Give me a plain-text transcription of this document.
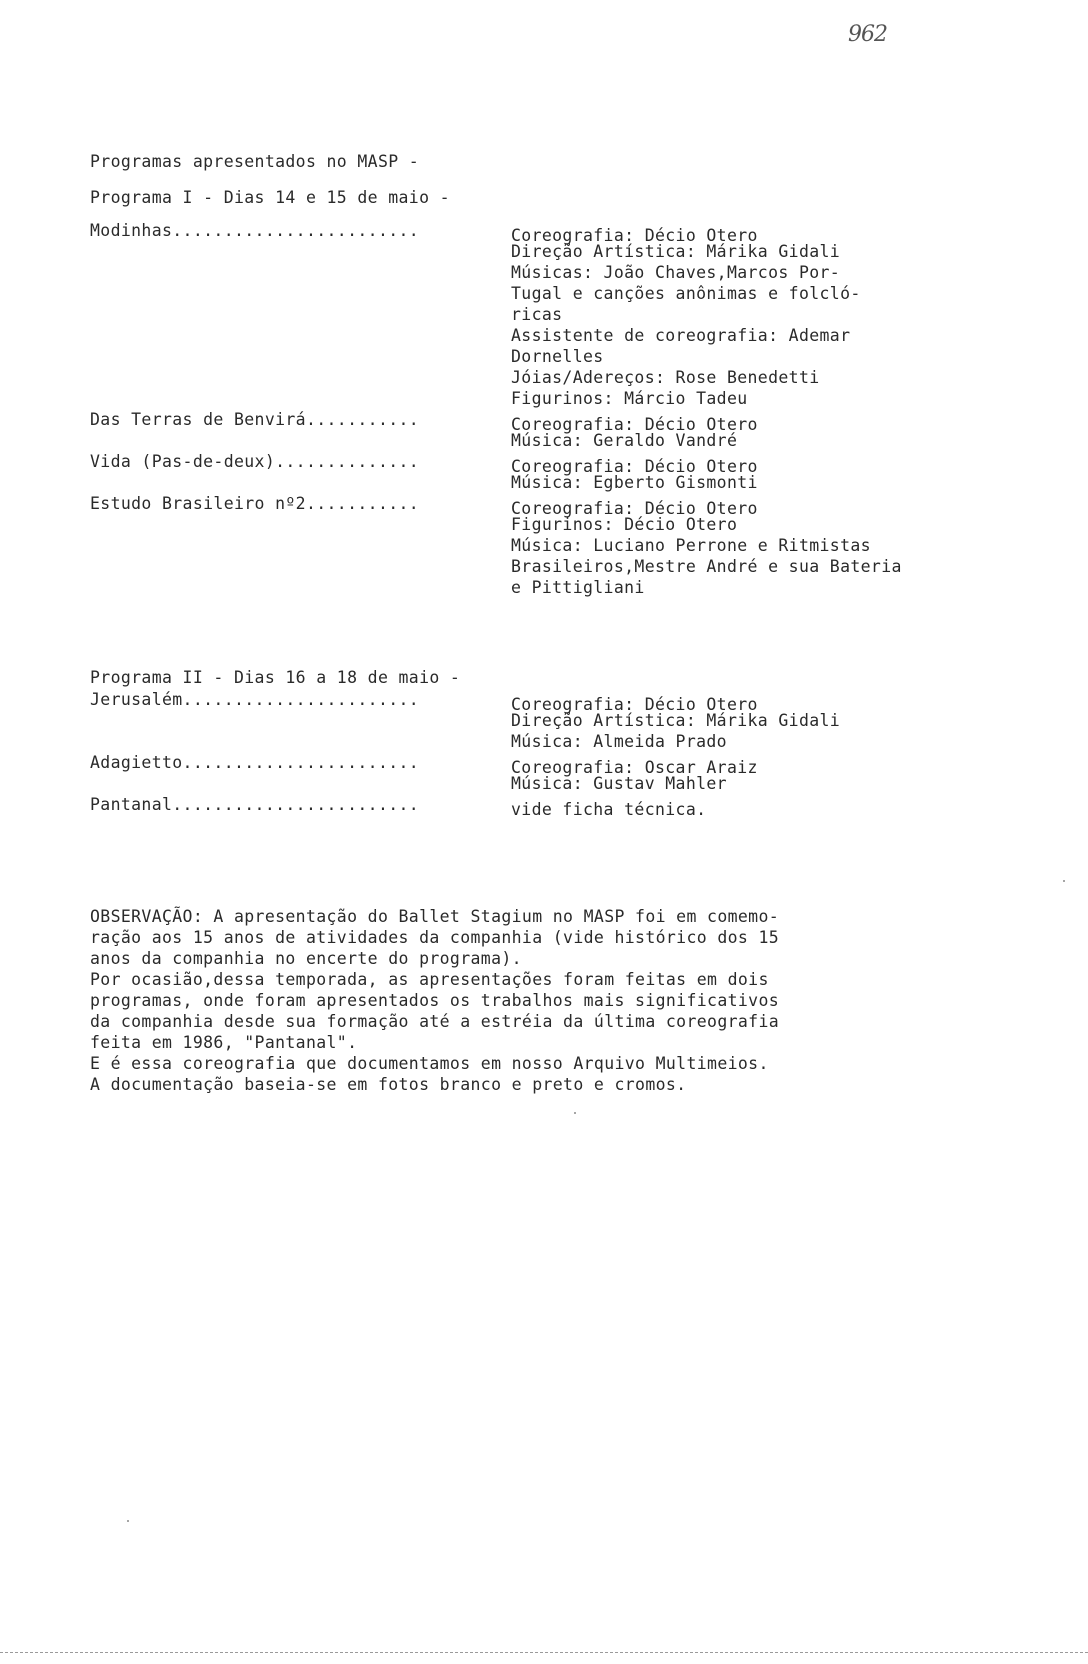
962
Programas apresentados no MASP -
Programa I - Dias 14 e 15 de maio -
Modinhas........................	Coreografia: Décio Otero
Direção Artística: Márika Gidali
Músicas: João Chaves,Marcos Por-
Tugal e canções anônimas e folcló-
ricas
Assistente de coreografia: Ademar
Dornelles
Jóias/Adereços: Rose Benedetti
Figurinos: Márcio Tadeu
Das Terras de Benvirá...........	Coreografia: Décio Otero
Música: Geraldo Vandré
Vida (Pas-de-deux)..............	Coreografia: Décio Otero
Música: Egberto Gismonti
Estudo Brasileiro nº2...........	Coreografia: Décio Otero
Figurinos: Décio Otero
Música: Luciano Perrone e Ritmistas
Brasileiros,Mestre André e sua Bateria
e Pittigliani
Programa II - Dias 16 a 18 de maio -
Jerusalém.......................	Coreografia: Décio Otero
Direção Artística: Márika Gidali
Música: Almeida Prado
Adagietto.......................	Coreografia: Oscar Araiz
Música: Gustav Mahler
Pantanal........................	vide ficha técnica.
OBSERVAÇÃO: A apresentação do Ballet Stagium no MASP foi em comemo-
ração aos 15 anos de atividades da companhia (vide histórico dos 15
anos da companhia no encerte do programa).
Por ocasião,dessa temporada, as apresentações foram feitas em dois
programas, onde foram apresentados os trabalhos mais significativos
da companhia desde sua formação até a estréia da última coreografia
feita em 1986, "Pantanal".
E é essa coreografia que documentamos em nosso Arquivo Multimeios.
A documentação baseia-se em fotos branco e preto e cromos.
